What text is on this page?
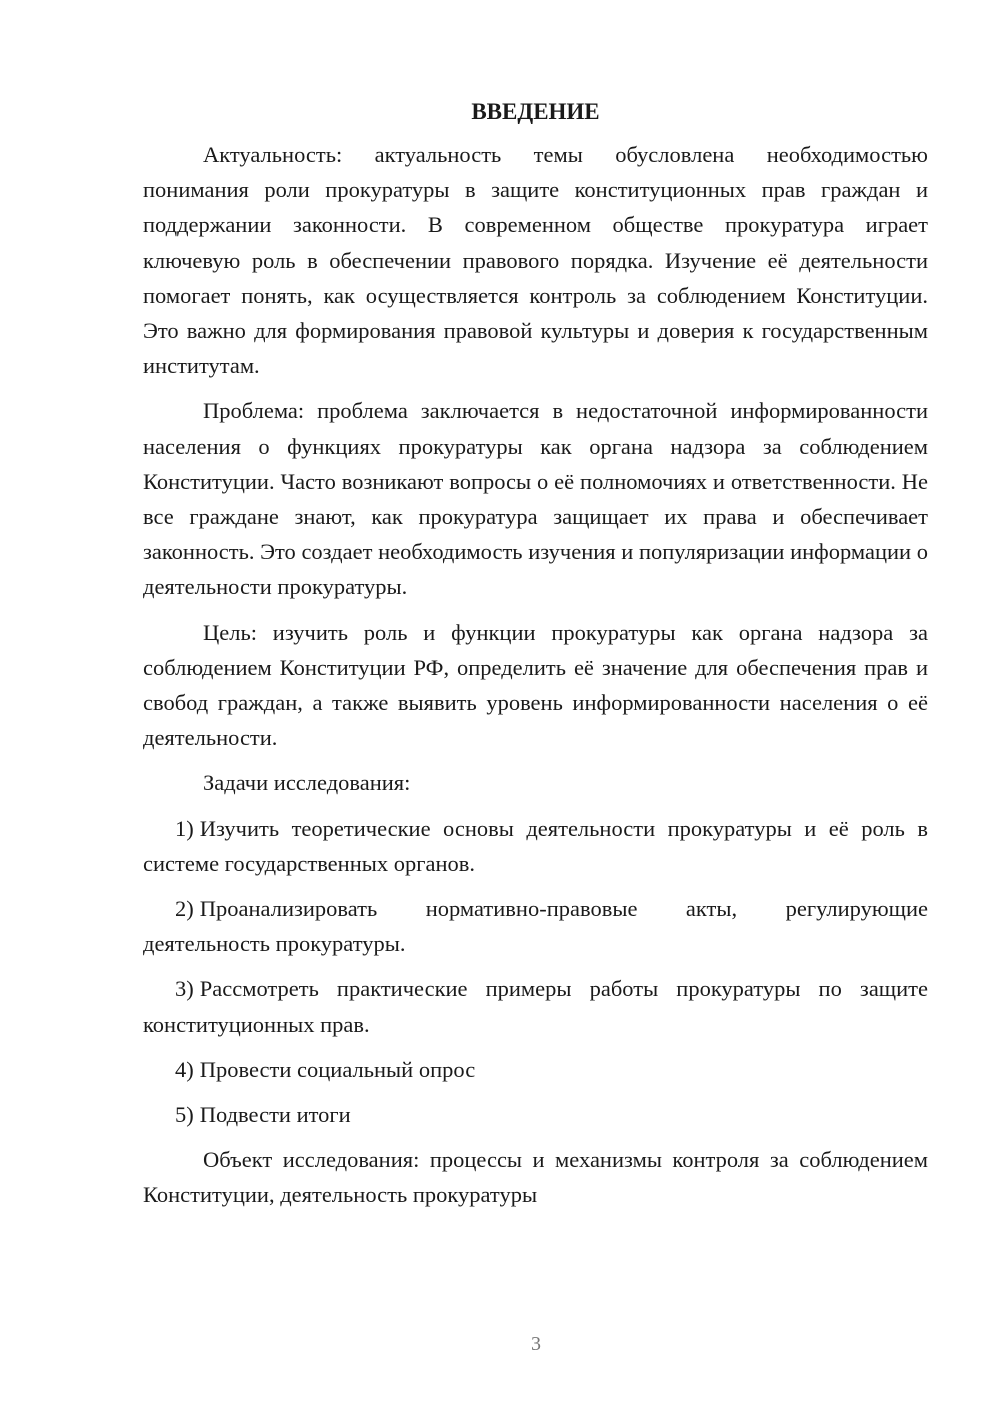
ВВЕДЕНИЕ

Актуальность: актуальность темы обусловлена необходимостью понимания роли прокуратуры в защите конституционных прав граждан и поддержании законности. В современном обществе прокуратура играет ключевую роль в обеспечении правового порядка. Изучение её деятельности помогает понять, как осуществляется контроль за соблюдением Конституции. Это важно для формирования правовой культуры и доверия к государственным институтам.

Проблема: проблема заключается в недостаточной информированности населения о функциях прокуратуры как органа надзора за соблюдением Конституции. Часто возникают вопросы о её полномочиях и ответственности. Не все граждане знают, как прокуратура защищает их права и обеспечивает законность. Это создает необходимость изучения и популяризации информации о деятельности прокуратуры.

Цель: изучить роль и функции прокуратуры как органа надзора за соблюдением Конституции РФ, определить её значение для обеспечения прав и свобод граждан, а также выявить уровень информированности населения о её деятельности.

Задачи исследования:

1) Изучить теоретические основы деятельности прокуратуры и её роль в системе государственных органов.

2) Проанализировать нормативно-правовые акты, регулирующие деятельность прокуратуры.

3) Рассмотреть практические примеры работы прокуратуры по защите конституционных прав.

4) Провести социальный опрос

5) Подвести итоги

Объект исследования: процессы и механизмы контроля за соблюдением Конституции, деятельность прокуратуры

3
